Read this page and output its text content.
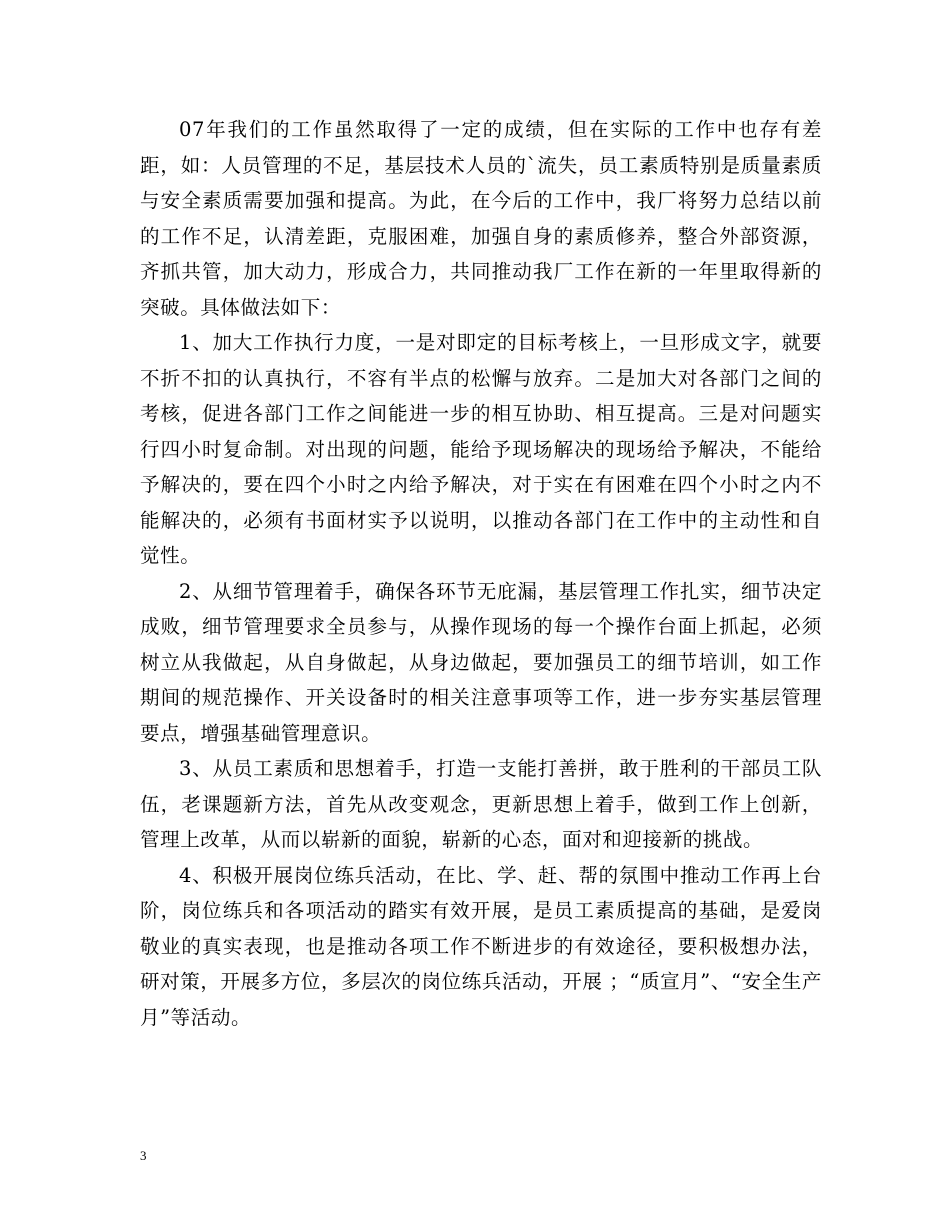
07年我们的工作虽然取得了一定的成绩，但在实际的工作中也存有差距，如：人员管理的不足，基层技术人员的`流失，员工素质特别是质量素质与安全素质需要加强和提高。为此，在今后的工作中，我厂将努力总结以前的工作不足，认清差距，克服困难，加强自身的素质修养，整合外部资源，齐抓共管，加大动力，形成合力，共同推动我厂工作在新的一年里取得新的突破。具体做法如下：

1、加大工作执行力度，一是对即定的目标考核上，一旦形成文字，就要不折不扣的认真执行，不容有半点的松懈与放弃。二是加大对各部门之间的考核，促进各部门工作之间能进一步的相互协助、相互提高。三是对问题实行四小时复命制。对出现的问题，能给予现场解决的现场给予解决，不能给予解决的，要在四个小时之内给予解决，对于实在有困难在四个小时之内不能解决的，必须有书面材实予以说明，以推动各部门在工作中的主动性和自觉性。

2、从细节管理着手，确保各环节无庇漏，基层管理工作扎实，细节决定成败，细节管理要求全员参与，从操作现场的每一个操作台面上抓起，必须树立从我做起，从自身做起，从身边做起，要加强员工的细节培训，如工作期间的规范操作、开关设备时的相关注意事项等工作，进一步夯实基层管理要点，增强基础管理意识。

3、从员工素质和思想着手，打造一支能打善拼，敢于胜利的干部员工队伍，老课题新方法，首先从改变观念，更新思想上着手，做到工作上创新，管理上改革，从而以崭新的面貌，崭新的心态，面对和迎接新的挑战。

4、积极开展岗位练兵活动，在比、学、赶、帮的氛围中推动工作再上台阶，岗位练兵和各项活动的踏实有效开展，是员工素质提高的基础，是爱岗敬业的真实表现，也是推动各项工作不断进步的有效途径，要积极想办法，研对策，开展多方位，多层次的岗位练兵活动，开展 ；“质宣月”、“安全生产月”等活动。

3
